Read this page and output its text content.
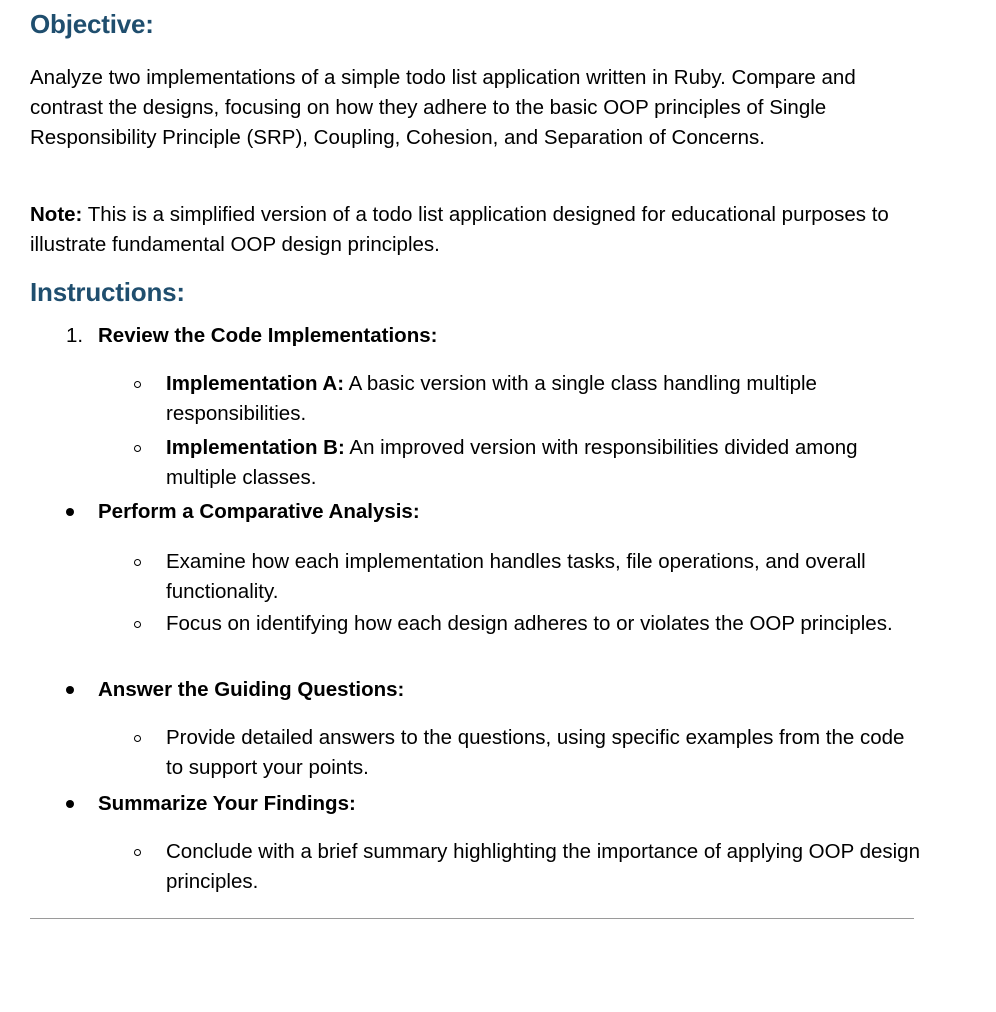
Objective:

Analyze two implementations of a simple todo list application written in Ruby. Compare and contrast the designs, focusing on how they adhere to the basic OOP principles of Single Responsibility Principle (SRP), Coupling, Cohesion, and Separation of Concerns.

Note: This is a simplified version of a todo list application designed for educational purposes to illustrate fundamental OOP design principles.

Instructions:
1. Review the Code Implementations:
Implementation A: A basic version with a single class handling multiple responsibilities.
Implementation B: An improved version with responsibilities divided among multiple classes.
Perform a Comparative Analysis:
Examine how each implementation handles tasks, file operations, and overall functionality.
Focus on identifying how each design adheres to or violates the OOP principles.
Answer the Guiding Questions:
Provide detailed answers to the questions, using specific examples from the code to support your points.
Summarize Your Findings:
Conclude with a brief summary highlighting the importance of applying OOP design principles.
